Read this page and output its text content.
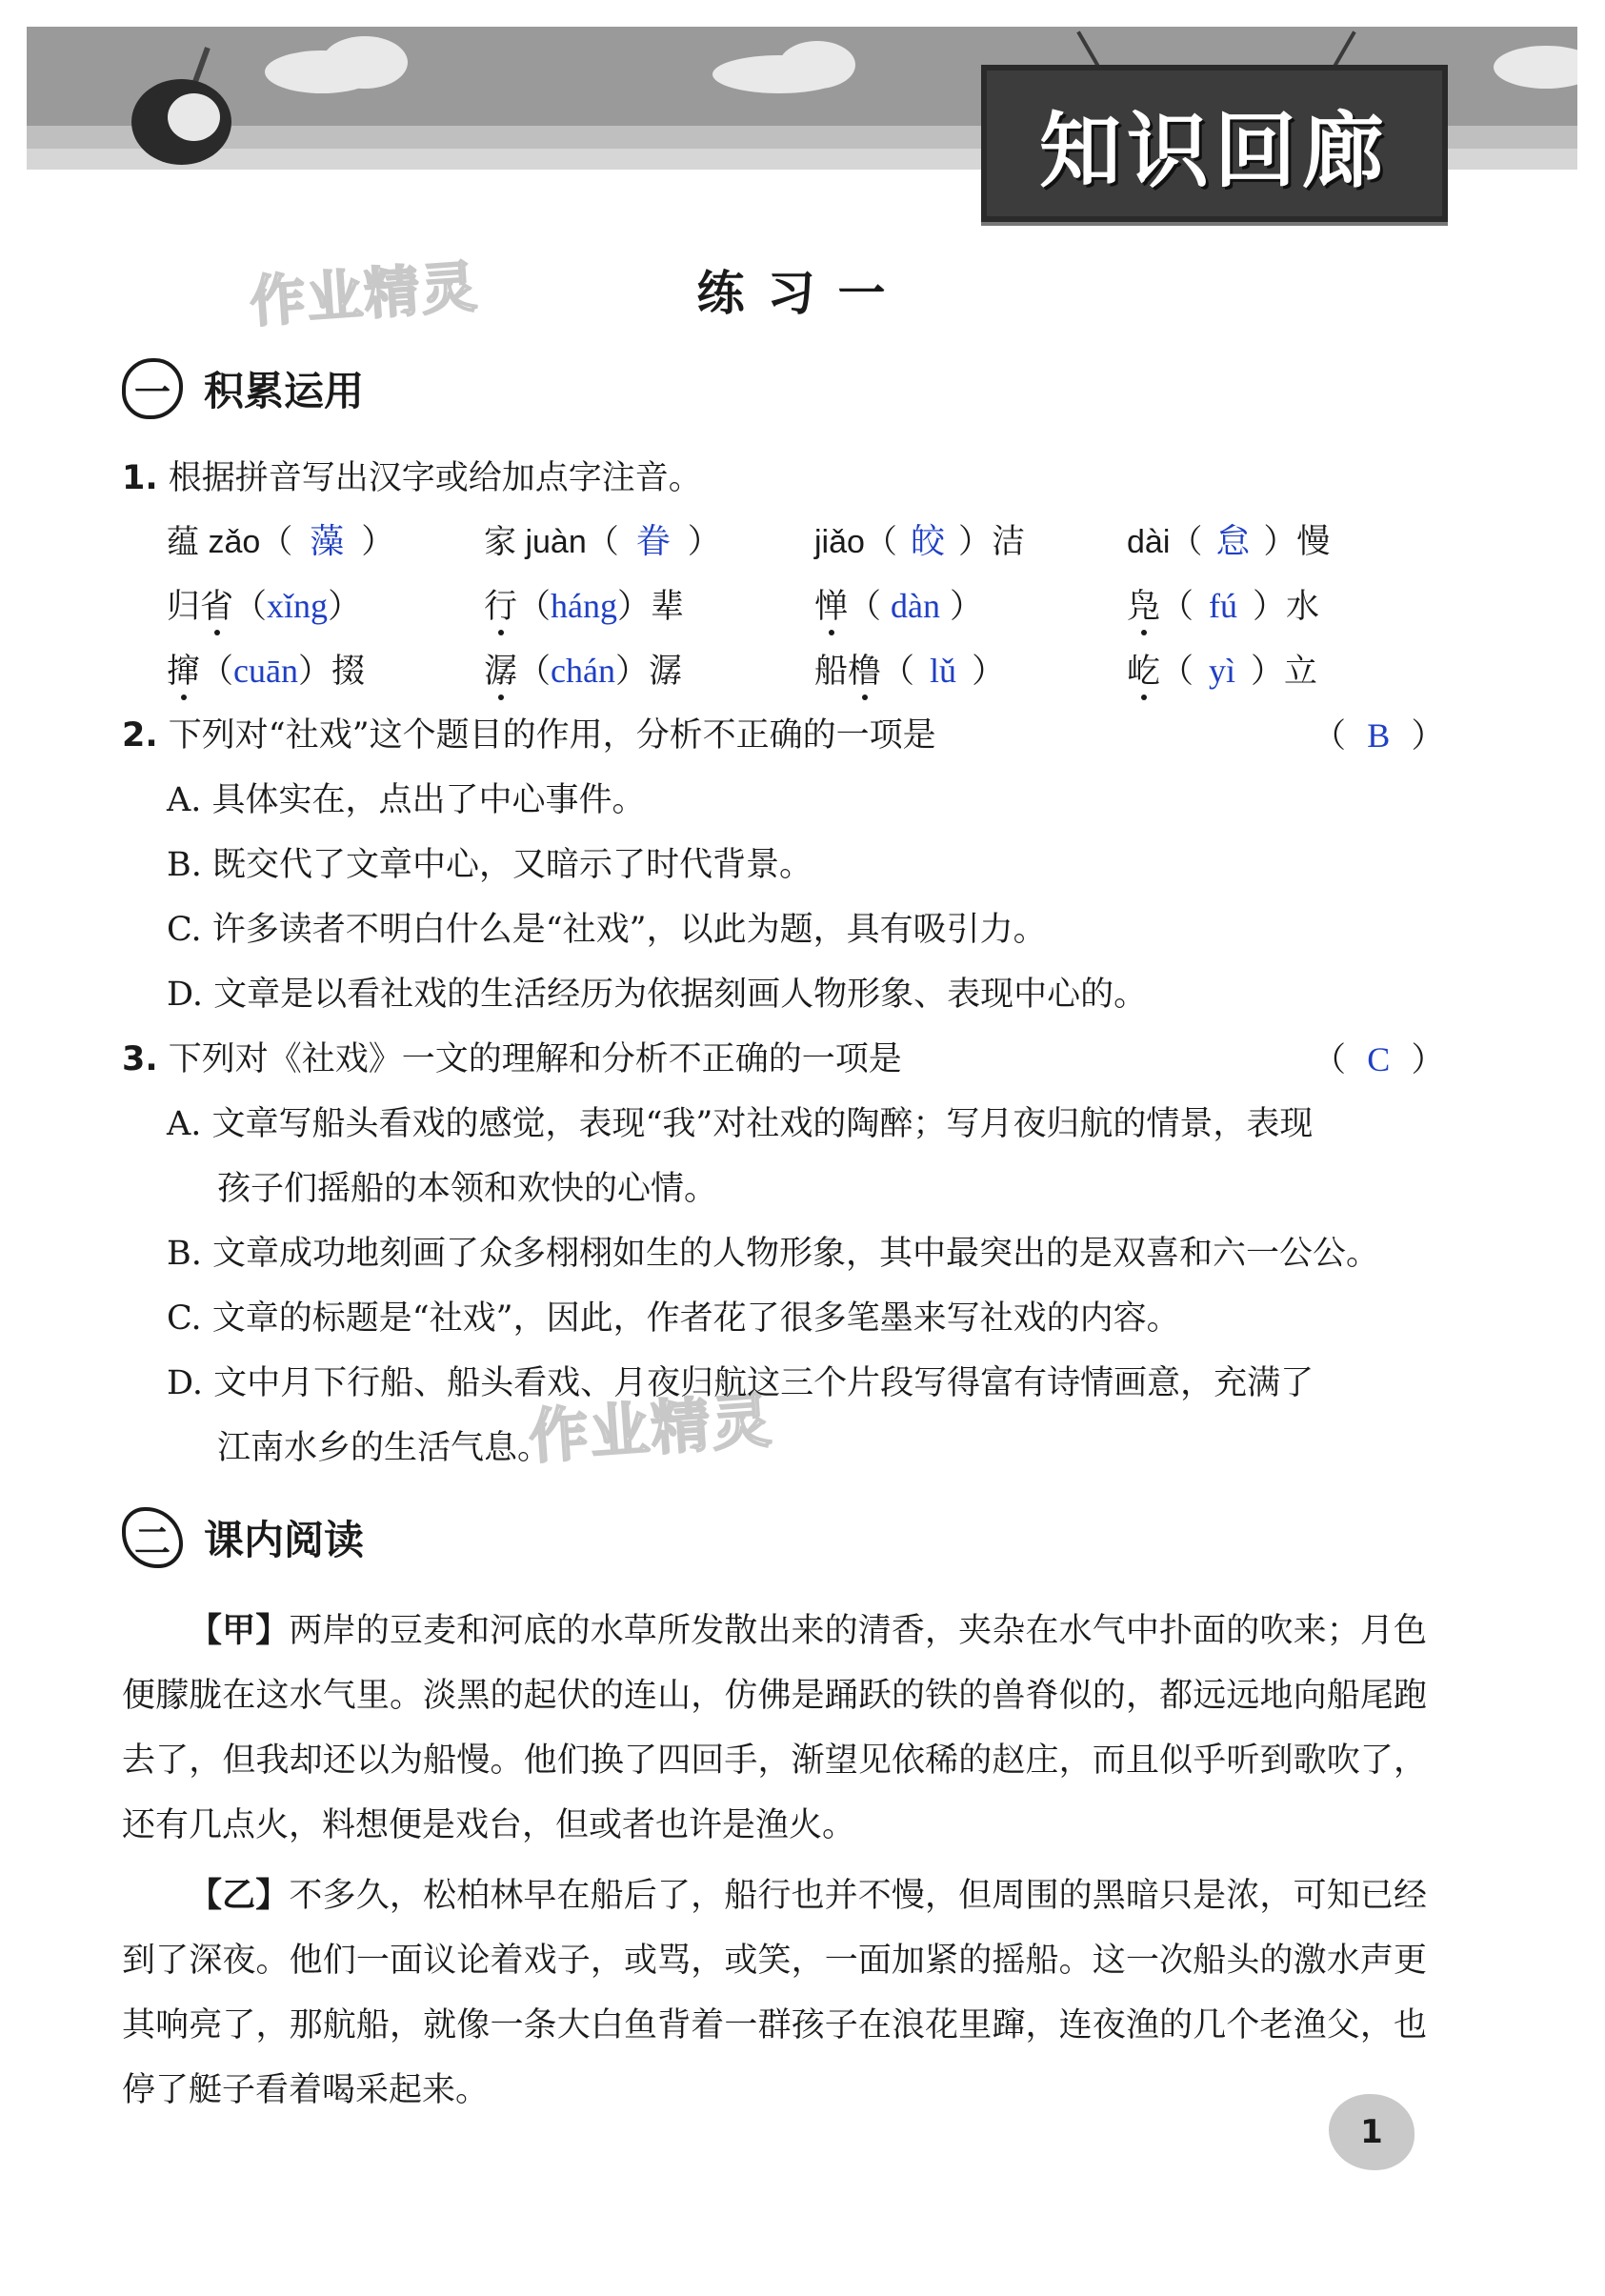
知识回廊
作业精灵
作业精灵
练习一
一 积累运用
1. 根据拼音写出汉字或给加点字注音。
蕴 zǎo（ 藻 ）	家 juàn（ 眷 ）	jiǎo（ 皎 ）洁	dài（ 怠 ）慢
归省（xǐng）	行（háng）辈	惮（ dàn ）	凫（ fú ）水
撺（cuān）掇	潺（chán）潺	船橹（ lǔ ）	屹（ yì ）立
2. 下列对“社戏”这个题目的作用，分析不正确的一项是	（  B  ）
A. 具体实在，点出了中心事件。
B. 既交代了文章中心，又暗示了时代背景。
C. 许多读者不明白什么是“社戏”，以此为题，具有吸引力。
D. 文章是以看社戏的生活经历为依据刻画人物形象、表现中心的。
3. 下列对《社戏》一文的理解和分析不正确的一项是	（  C  ）
A. 文章写船头看戏的感觉，表现“我”对社戏的陶醉；写月夜归航的情景，表现
孩子们摇船的本领和欢快的心情。
B. 文章成功地刻画了众多栩栩如生的人物形象，其中最突出的是双喜和六一公公。
C. 文章的标题是“社戏”，因此，作者花了很多笔墨来写社戏的内容。
D. 文中月下行船、船头看戏、月夜归航这三个片段写得富有诗情画意，充满了
江南水乡的生活气息。
二 课内阅读
【甲】两岸的豆麦和河底的水草所发散出来的清香，夹杂在水气中扑面的吹来；月色便朦胧在这水气里。淡黑的起伏的连山，仿佛是踊跃的铁的兽脊似的，都远远地向船尾跑去了，但我却还以为船慢。他们换了四回手，渐望见依稀的赵庄，而且似乎听到歌吹了，还有几点火，料想便是戏台，但或者也许是渔火。
【乙】不多久，松柏林早在船后了，船行也并不慢，但周围的黑暗只是浓，可知已经到了深夜。他们一面议论着戏子，或骂，或笑，一面加紧的摇船。这一次船头的激水声更其响亮了，那航船，就像一条大白鱼背着一群孩子在浪花里蹿，连夜渔的几个老渔父，也停了艇子看着喝采起来。
1
